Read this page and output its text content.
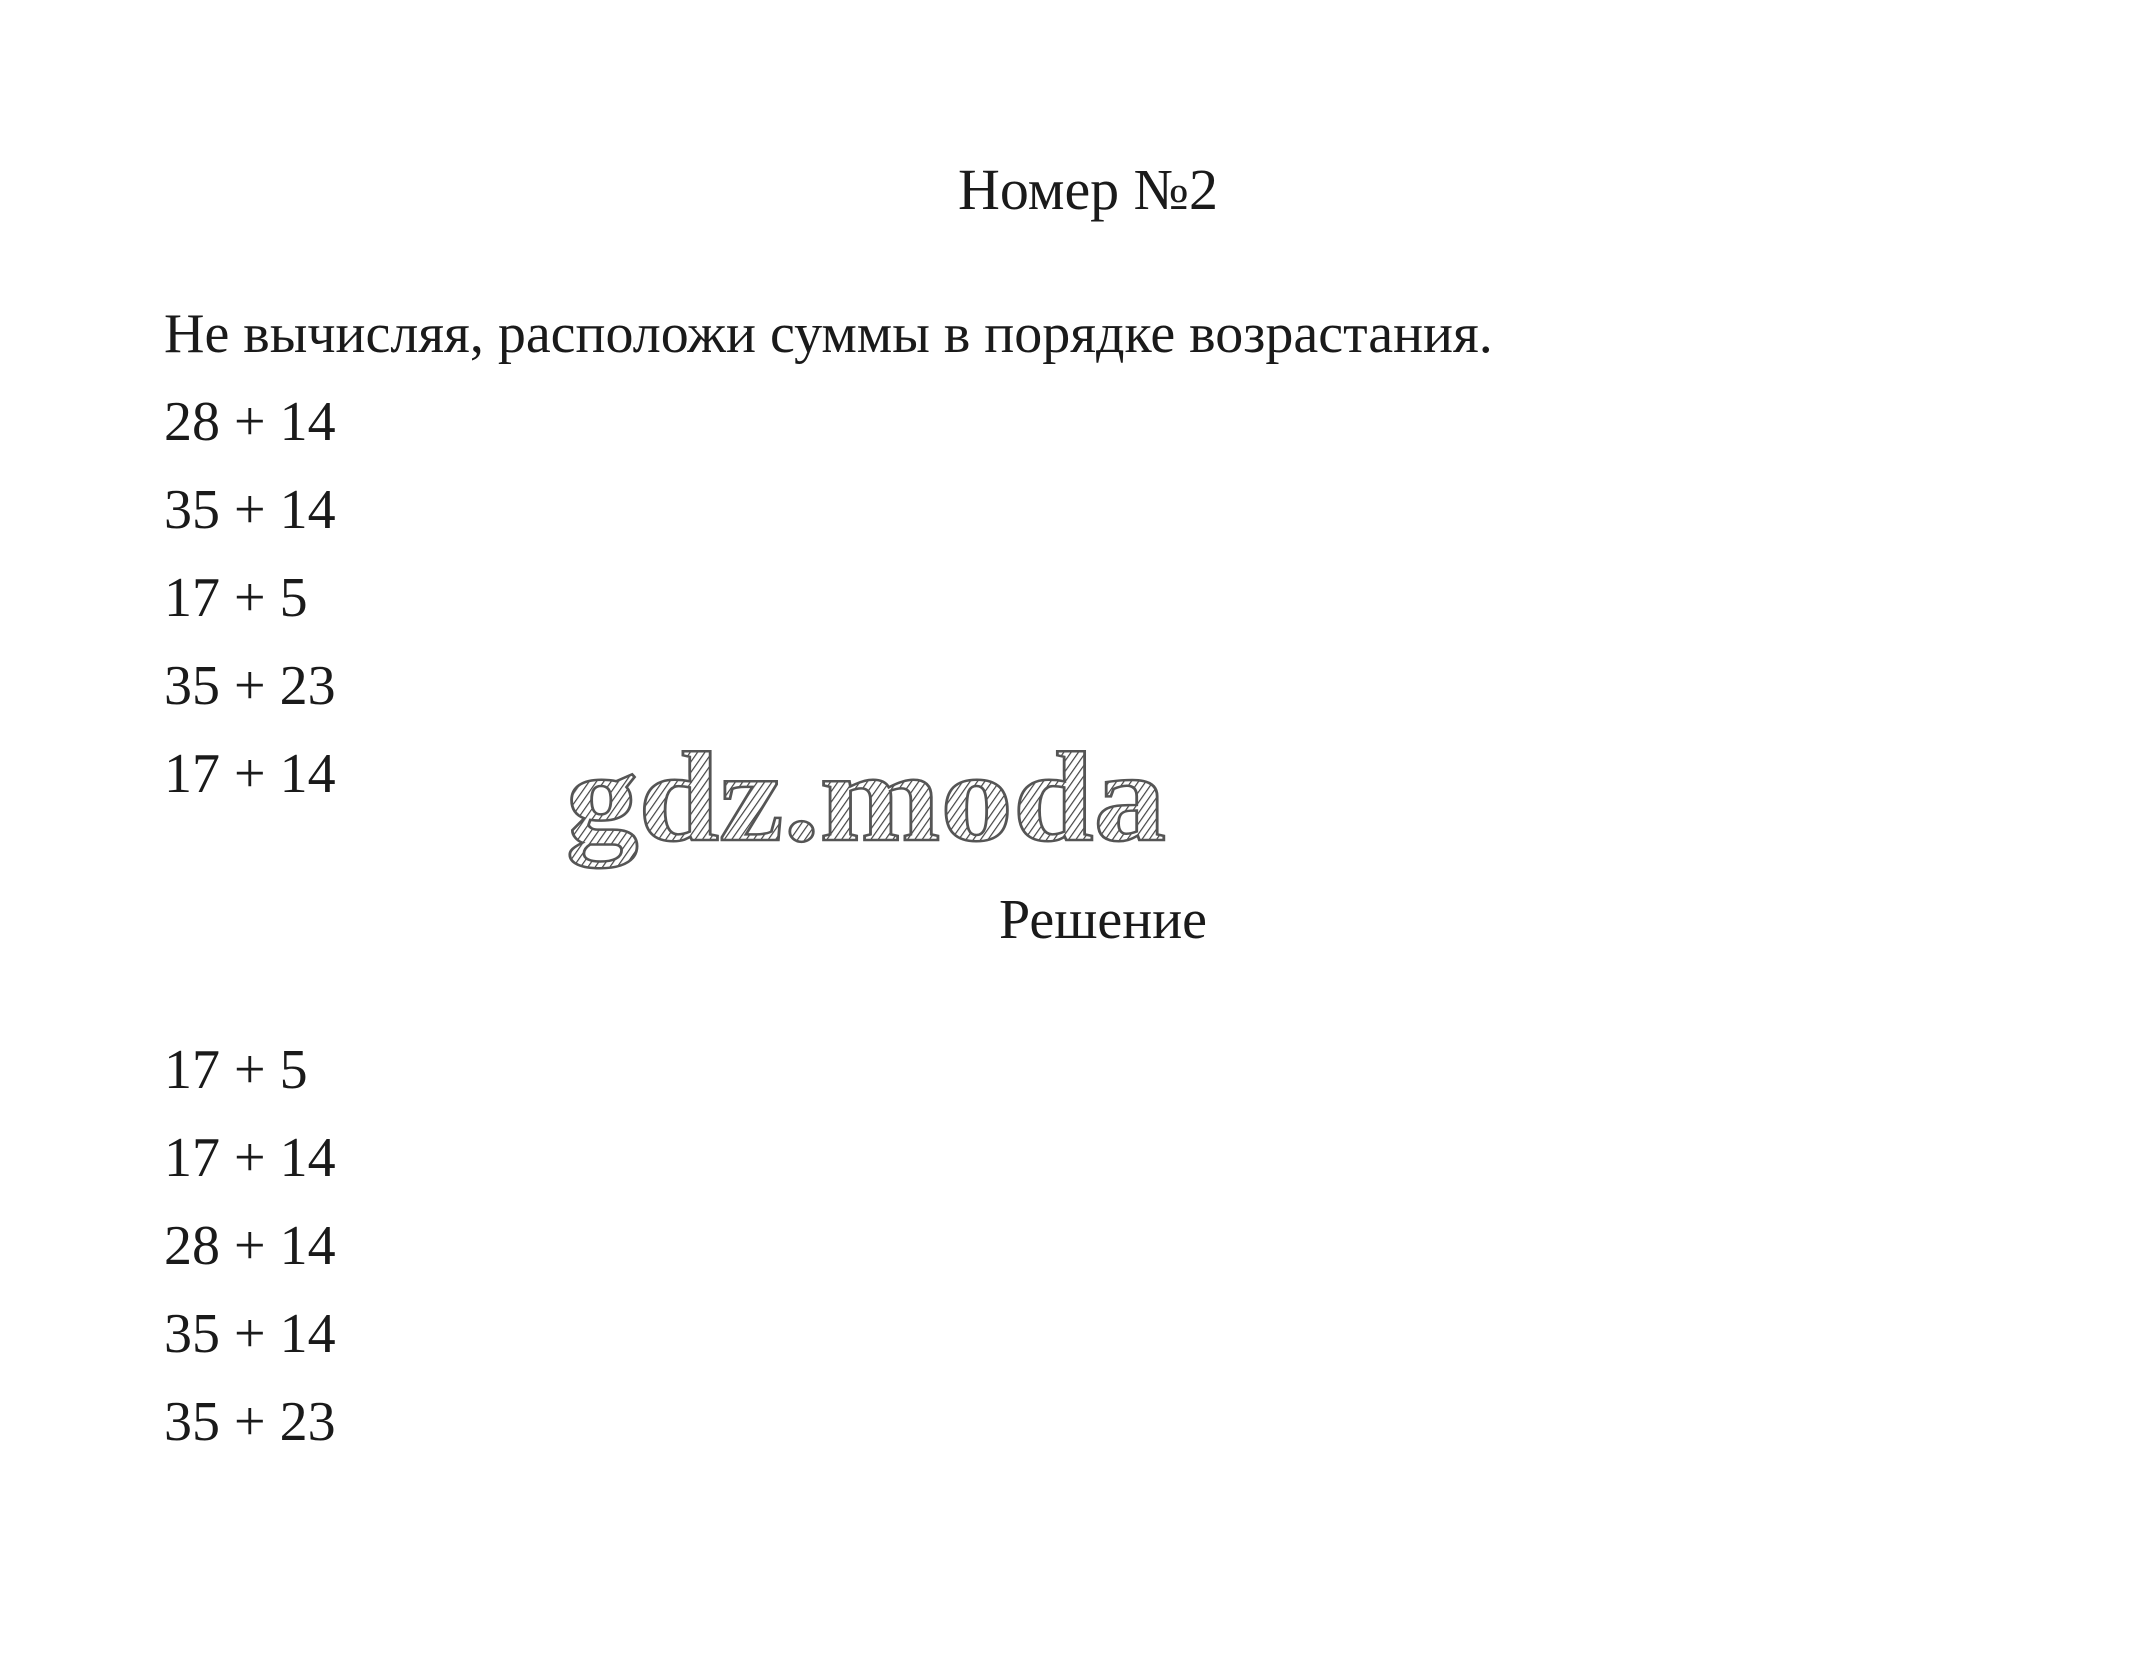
Номер №2
Не вычисляя, расположи суммы в порядке возрастания.
28 + 14
35 + 14
17 + 5
35 + 23
17 + 14 gdz.moda
Решение
17 + 5
17 + 14
28 + 14
35 + 14
35 + 23
